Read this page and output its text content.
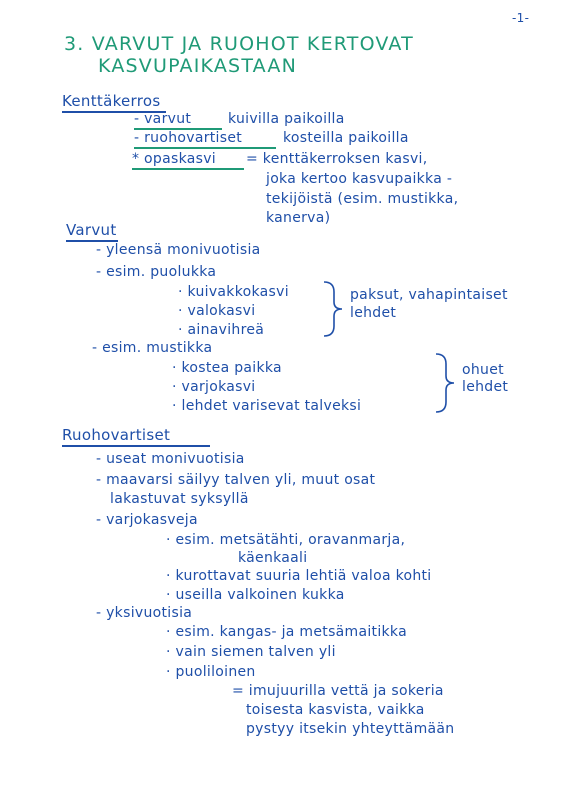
-1-
3. VARVUT JA RUOHOT KERTOVAT
KASVUPAIKASTAAN
Kenttäkerros
- varvut	kuivilla paikoilla
- ruohovartiset	kosteilla paikoilla
* opaskasvi = kenttäkerroksen kasvi,
joka kertoo kasvupaikka -
tekijöistä (esim. mustikka,
kanerva)
Varvut
- yleensä monivuotisia
- esim. puolukka
· kuivakkokasvi
· valokasvi
· ainavihreä
paksut, vahapintaiset
lehdet
- esim. mustikka
· kostea paikka
· varjokasvi
· lehdet varisevat talveksi
ohuet
lehdet
Ruohovartiset
- useat monivuotisia
- maavarsi säilyy talven yli, muut osat
lakastuvat syksyllä
- varjokasveja
· esim. metsätähti, oravanmarja,
käenkaali
· kurottavat suuria lehtiä valoa kohti
· useilla valkoinen kukka
- yksivuotisia
· esim. kangas- ja metsämaitikka
· vain siemen talven yli
· puoliloinen
= imujuurilla vettä ja sokeria
toisesta kasvista, vaikka
pystyy itsekin yhteyttämään
